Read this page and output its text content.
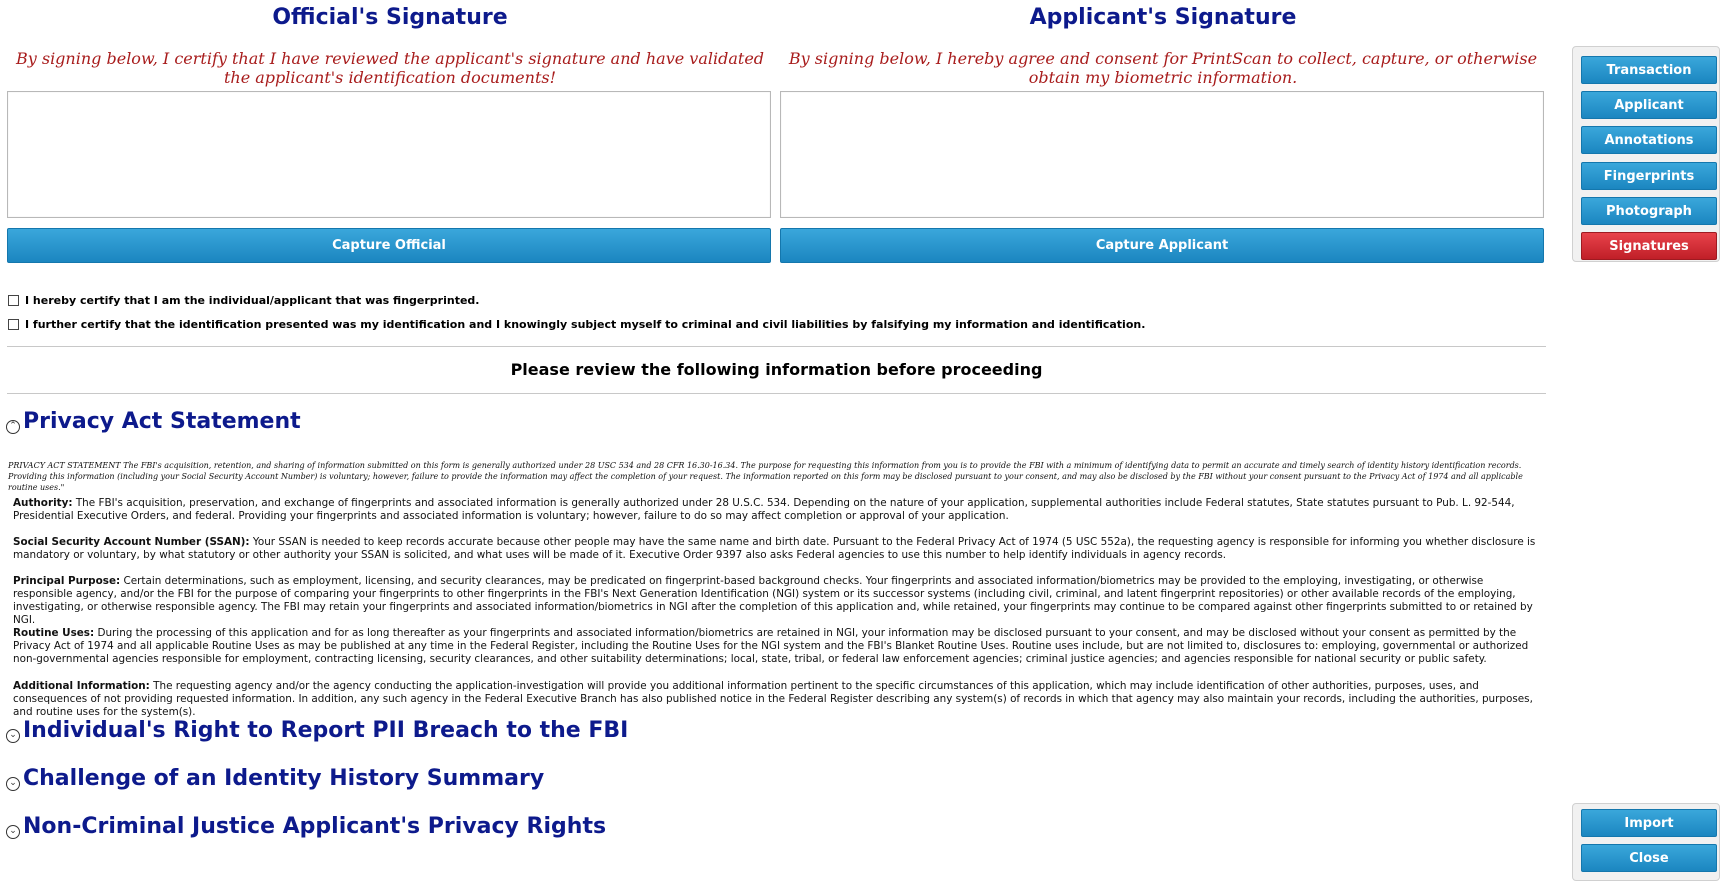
Official's Signature
By signing below, I certify that I have reviewed the applicant's signature and have validated the applicant's identification documents!
Capture Official
Applicant's Signature
By signing below, I hereby agree and consent for PrintScan to collect, capture, or otherwise obtain my biometric information.
Capture Applicant
I hereby certify that I am the individual/applicant that was fingerprinted.
I further certify that the identification presented was my identification and I knowingly subject myself to criminal and civil liabilities by falsifying my information and identification.
Please review the following information before proceeding
⌃ Privacy Act Statement
PRIVACY ACT STATEMENT The FBI's acquisition, retention, and sharing of information submitted on this form is generally authorized under 28 USC 534 and 28 CFR 16.30-16.34. The purpose for requesting this information from you is to provide the FBI with a minimum of identifying data to permit an accurate and timely search of identity history identification records. Providing this information (including your Social Security Account Number) is voluntary; however, failure to provide the information may affect the completion of your request. The information reported on this form may be disclosed pursuant to your consent, and may also be disclosed by the FBI without your consent pursuant to the Privacy Act of 1974 and all applicable routine uses."
Authority: The FBI's acquisition, preservation, and exchange of fingerprints and associated information is generally authorized under 28 U.S.C. 534. Depending on the nature of your application, supplemental authorities include Federal statutes, State statutes pursuant to Pub. L. 92-544, Presidential Executive Orders, and federal. Providing your fingerprints and associated information is voluntary; however, failure to do so may affect completion or approval of your application.
Social Security Account Number (SSAN): Your SSAN is needed to keep records accurate because other people may have the same name and birth date. Pursuant to the Federal Privacy Act of 1974 (5 USC 552a), the requesting agency is responsible for informing you whether disclosure is mandatory or voluntary, by what statutory or other authority your SSAN is solicited, and what uses will be made of it. Executive Order 9397 also asks Federal agencies to use this number to help identify individuals in agency records.
Principal Purpose: Certain determinations, such as employment, licensing, and security clearances, may be predicated on fingerprint-based background checks. Your fingerprints and associated information/biometrics may be provided to the employing, investigating, or otherwise responsible agency, and/or the FBI for the purpose of comparing your fingerprints to other fingerprints in the FBI's Next Generation Identification (NGI) system or its successor systems (including civil, criminal, and latent fingerprint repositories) or other available records of the employing, investigating, or otherwise responsible agency. The FBI may retain your fingerprints and associated information/biometrics in NGI after the completion of this application and, while retained, your fingerprints may continue to be compared against other fingerprints submitted to or retained by NGI.
Routine Uses: During the processing of this application and for as long thereafter as your fingerprints and associated information/biometrics are retained in NGI, your information may be disclosed pursuant to your consent, and may be disclosed without your consent as permitted by the Privacy Act of 1974 and all applicable Routine Uses as may be published at any time in the Federal Register, including the Routine Uses for the NGI system and the FBI's Blanket Routine Uses. Routine uses include, but are not limited to, disclosures to: employing, governmental or authorized non-governmental agencies responsible for employment, contracting licensing, security clearances, and other suitability determinations; local, state, tribal, or federal law enforcement agencies; criminal justice agencies; and agencies responsible for national security or public safety.
Additional Information: The requesting agency and/or the agency conducting the application-investigation will provide you additional information pertinent to the specific circumstances of this application, which may include identification of other authorities, purposes, uses, and consequences of not providing requested information. In addition, any such agency in the Federal Executive Branch has also published notice in the Federal Register describing any system(s) of records in which that agency may also maintain your records, including the authorities, purposes, and routine uses for the system(s).
⌄ Individual's Right to Report PII Breach to the FBI
⌄ Challenge of an Identity History Summary
⌄ Non-Criminal Justice Applicant's Privacy Rights
Transaction
Applicant
Annotations
Fingerprints
Photograph
Signatures
Import
Close
